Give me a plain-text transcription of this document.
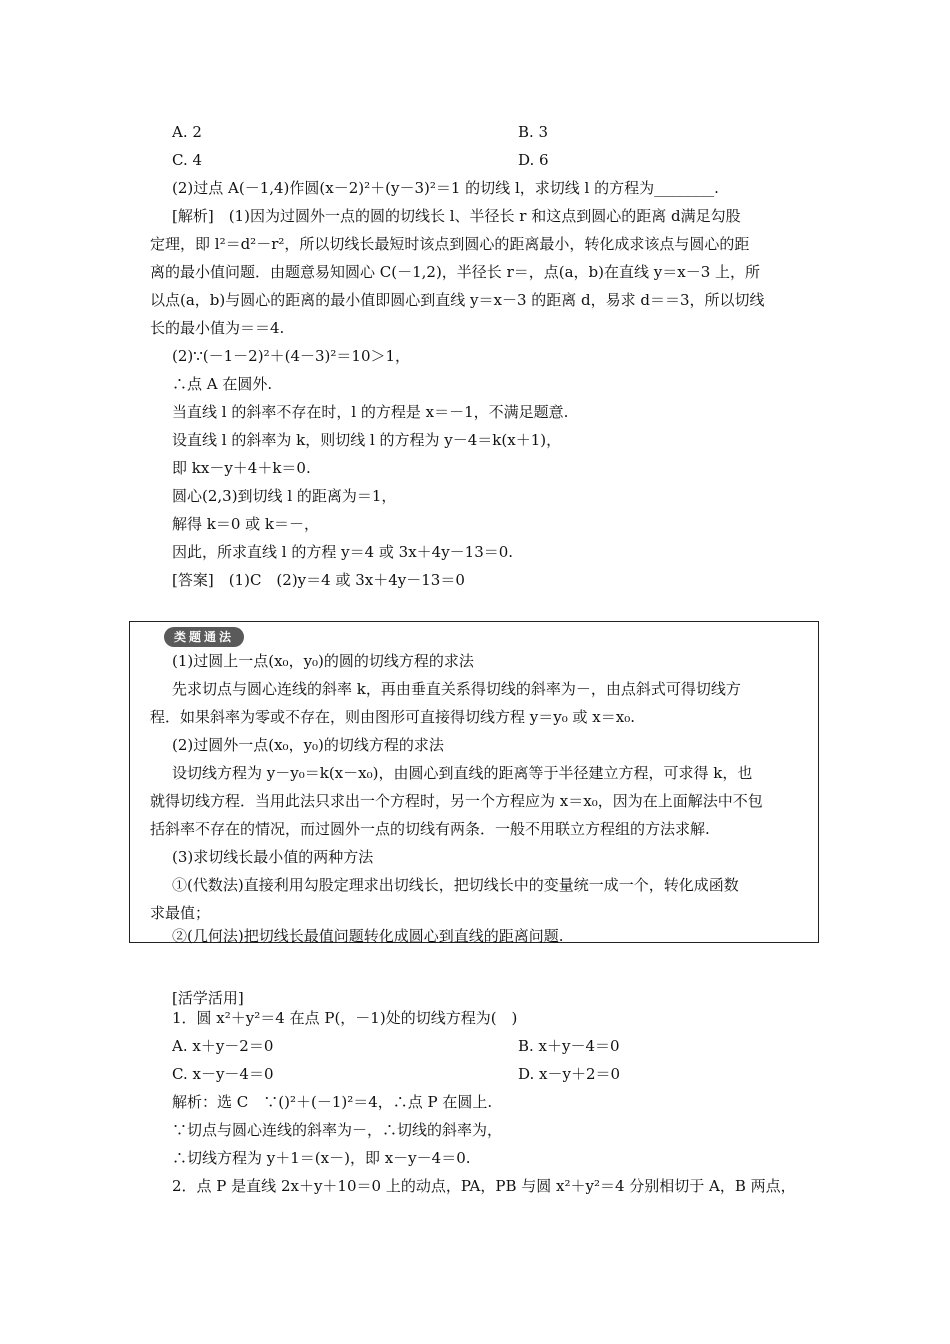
A. 2	B. 3
C. 4	D. 6
(2)过点 A(－1,4)作圆(x－2)²＋(y－3)²＝1 的切线 l，求切线 l 的方程为________.
[解析]　(1)因为过圆外一点的圆的切线长 l、半径长 r 和这点到圆心的距离 d满足勾股
定理，即 l²＝d²－r²，所以切线长最短时该点到圆心的距离最小，转化成求该点与圆心的距
离的最小值问题．由题意易知圆心 C(－1,2)，半径长 r＝，点(a，b)在直线 y＝x－3 上，所
以点(a，b)与圆心的距离的最小值即圆心到直线 y＝x－3 的距离 d，易求 d＝＝3，所以切线
长的最小值为＝＝4.
(2)∵(－1－2)²＋(4－3)²＝10＞1，
∴点 A 在圆外.
当直线 l 的斜率不存在时，l 的方程是 x＝－1，不满足题意.
设直线 l 的斜率为 k，则切线 l 的方程为 y－4＝k(x＋1)，
即 kx－y＋4＋k＝0.
圆心(2,3)到切线 l 的距离为＝1，
解得 k＝0 或 k＝－，
因此，所求直线 l 的方程 y＝4 或 3x＋4y－13＝0.
[答案]　(1)C　(2)y＝4 或 3x＋4y－13＝0
类题通法
(1)过圆上一点(x₀，y₀)的圆的切线方程的求法
先求切点与圆心连线的斜率 k，再由垂直关系得切线的斜率为－，由点斜式可得切线方
程．如果斜率为零或不存在，则由图形可直接得切线方程 y＝y₀ 或 x＝x₀.
(2)过圆外一点(x₀，y₀)的切线方程的求法
设切线方程为 y－y₀＝k(x－x₀)，由圆心到直线的距离等于半径建立方程，可求得 k，也
就得切线方程．当用此法只求出一个方程时，另一个方程应为 x＝x₀，因为在上面解法中不包
括斜率不存在的情况，而过圆外一点的切线有两条．一般不用联立方程组的方法求解.
(3)求切线长最小值的两种方法
①(代数法)直接利用勾股定理求出切线长，把切线长中的变量统一成一个，转化成函数
求最值；
②(几何法)把切线长最值问题转化成圆心到直线的距离问题.
[活学活用]
1．圆 x²＋y²＝4 在点 P(，－1)处的切线方程为(　)
A. x＋y－2＝0	B. x＋y－4＝0
C. x－y－4＝0	D. x－y＋2＝0
解析：选 C　∵()²＋(－1)²＝4，∴点 P 在圆上.
∵切点与圆心连线的斜率为－，∴切线的斜率为，
∴切线方程为 y＋1＝(x－)，即 x－y－4＝0.
2．点 P 是直线 2x＋y＋10＝0 上的动点，PA，PB 与圆 x²＋y²＝4 分别相切于 A，B 两点，
